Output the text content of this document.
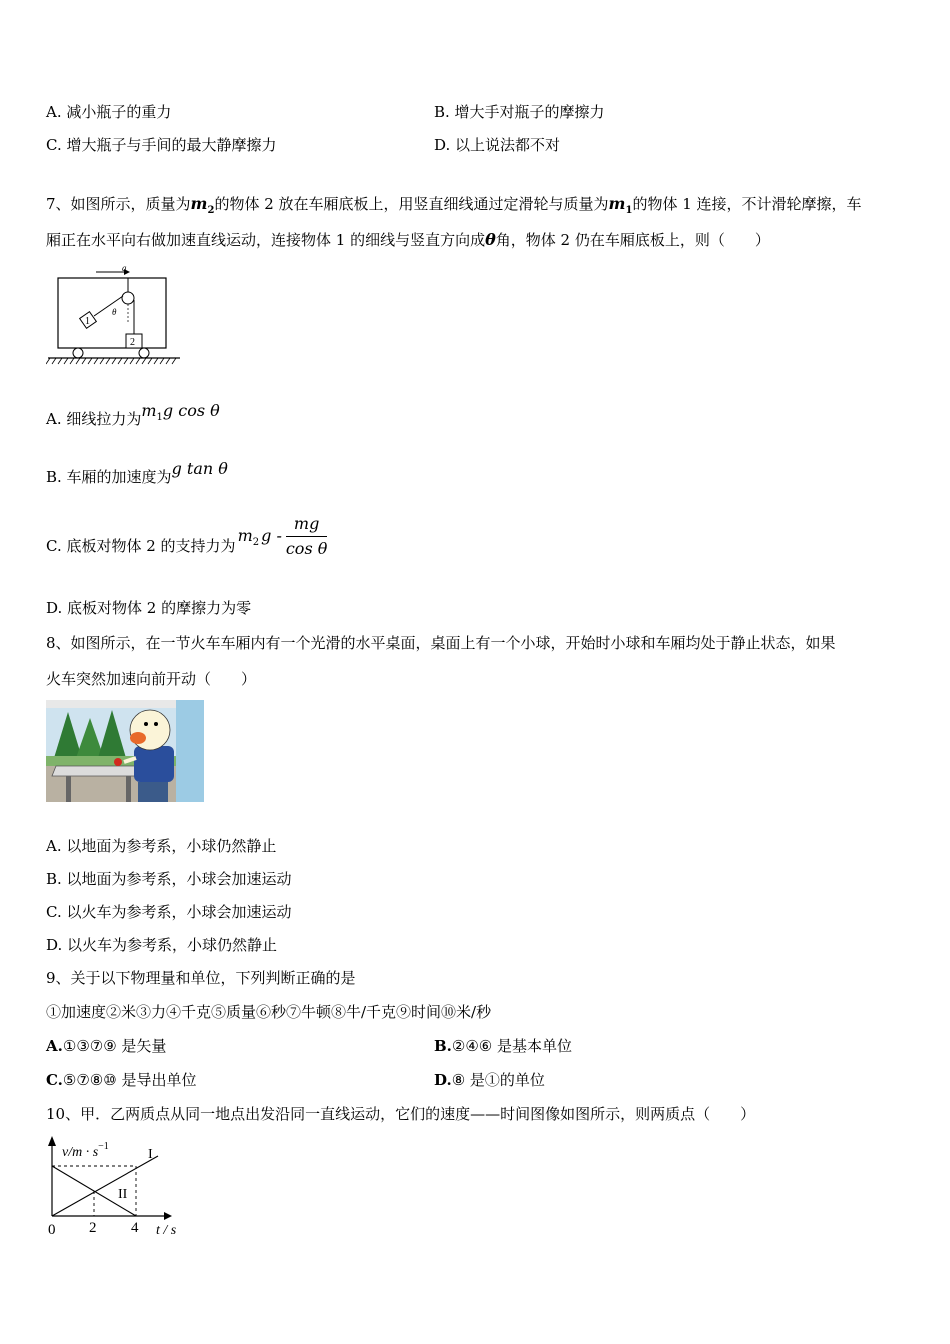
A. 减小瓶子的重力	B. 增大手对瓶子的摩擦力
C. 增大瓶子与手间的最大静摩擦力	D. 以上说法都不对
7、如图所示，质量为$m_2$的物体 2 放在车厢底板上，用竖直细线通过定滑轮与质量为$m_1$的物体 1 连接，不计滑轮摩擦，车
厢正在水平向右做加速直线运动，连接物体 1 的细线与竖直方向成θ角，物体 2 仍在车厢底板上，则（　　）
a
1
θ
2
A. 细线拉力为$m_1g$ cos θ
B. 车厢的加速度为g tan θ
C. 底板对物体 2 的支持力为$m_2$ g - $\frac{mg}{\text{cos θ}}$
D. 底板对物体 2 的摩擦力为零
8、如图所示，在一节火车车厢内有一个光滑的水平桌面，桌面上有一个小球，开始时小球和车厢均处于静止状态，如果
火车突然加速向前开动（　　）
A. 以地面为参考系，小球仍然静止
B. 以地面为参考系，小球会加速运动
C. 以火车为参考系，小球会加速运动
D. 以火车为参考系，小球仍然静止
9、关于以下物理量和单位，下列判断正确的是
①加速度②米③力④千克⑤质量⑥秒⑦牛顿⑧牛/千克⑨时间⑩米/秒
A.①③⑦⑨ 是矢量	B.②④⑥ 是基本单位
C.⑤⑦⑧⑩ 是导出单位	D.⑧ 是①的单位
10、甲．乙两质点从同一地点出发沿同一直线运动，它们的速度——时间图像如图所示，则两质点（　　）
$v/m \cdot s^{-1}$
I
II
0 2 4 t / s
